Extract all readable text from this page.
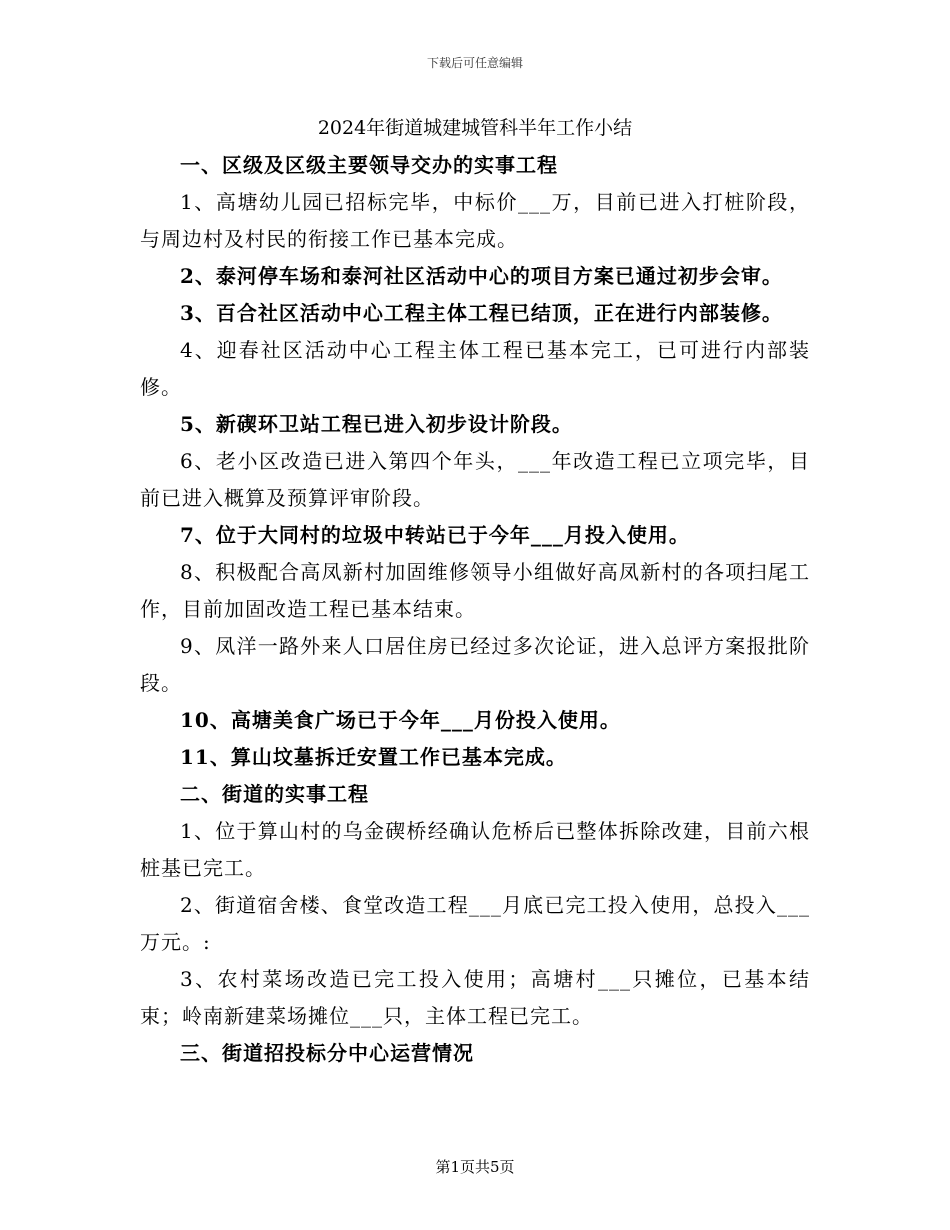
下载后可任意编辑
2024年街道城建城管科半年工作小结

一、区级及区级主要领导交办的实事工程

1、高塘幼儿园已招标完毕，中标价___万，目前已进入打桩阶段，与周边村及村民的衔接工作已基本完成。

2、泰河停车场和泰河社区活动中心的项目方案已通过初步会审。

3、百合社区活动中心工程主体工程已结顶，正在进行内部装修。

4、迎春社区活动中心工程主体工程已基本完工，已可进行内部装修。

5、新碶环卫站工程已进入初步设计阶段。

6、老小区改造已进入第四个年头，___年改造工程已立项完毕，目前已进入概算及预算评审阶段。

7、位于大同村的垃圾中转站已于今年___月投入使用。

8、积极配合高凤新村加固维修领导小组做好高凤新村的各项扫尾工作，目前加固改造工程已基本结束。

9、凤洋一路外来人口居住房已经过多次论证，进入总评方案报批阶段。

10、高塘美食广场已于今年___月份投入使用。

11、算山坟墓拆迁安置工作已基本完成。

二、街道的实事工程

1、位于算山村的乌金碶桥经确认危桥后已整体拆除改建，目前六根桩基已完工。

2、街道宿舍楼、食堂改造工程___月底已完工投入使用，总投入___万元。:

3、农村菜场改造已完工投入使用；高塘村___只摊位，已基本结束；岭南新建菜场摊位___只，主体工程已完工。

三、街道招投标分中心运营情况

第1页共5页
